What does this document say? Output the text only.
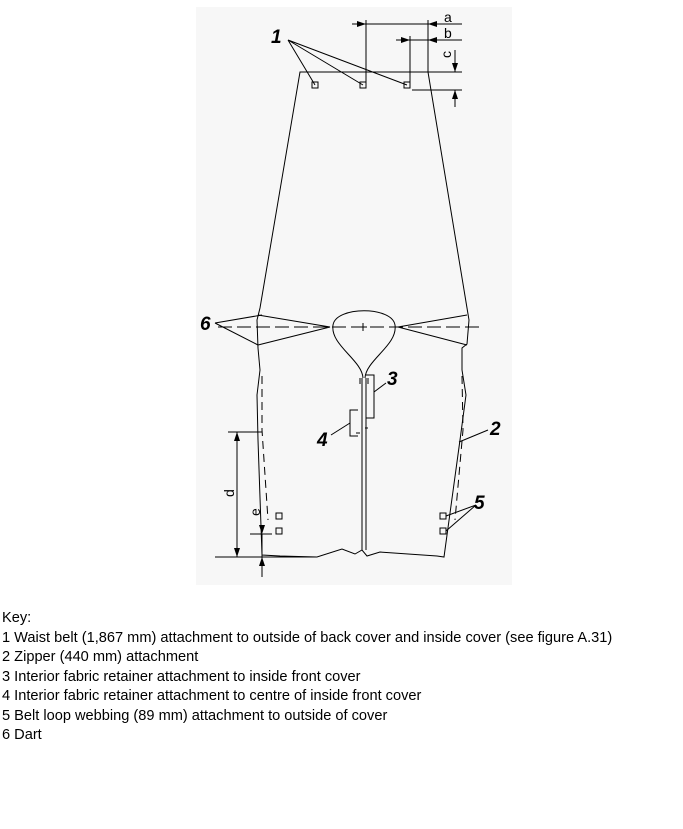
a
b
c
d
e
1
2
3
4
5
6
Key:
1 Waist belt (1,867 mm) attachment to outside of back cover and inside cover (see figure A.31)
2 Zipper (440 mm) attachment
3 Interior fabric retainer attachment to inside front cover
4 Interior fabric retainer attachment to centre of inside front cover
5 Belt loop webbing (89 mm) attachment to outside of cover
6 Dart
